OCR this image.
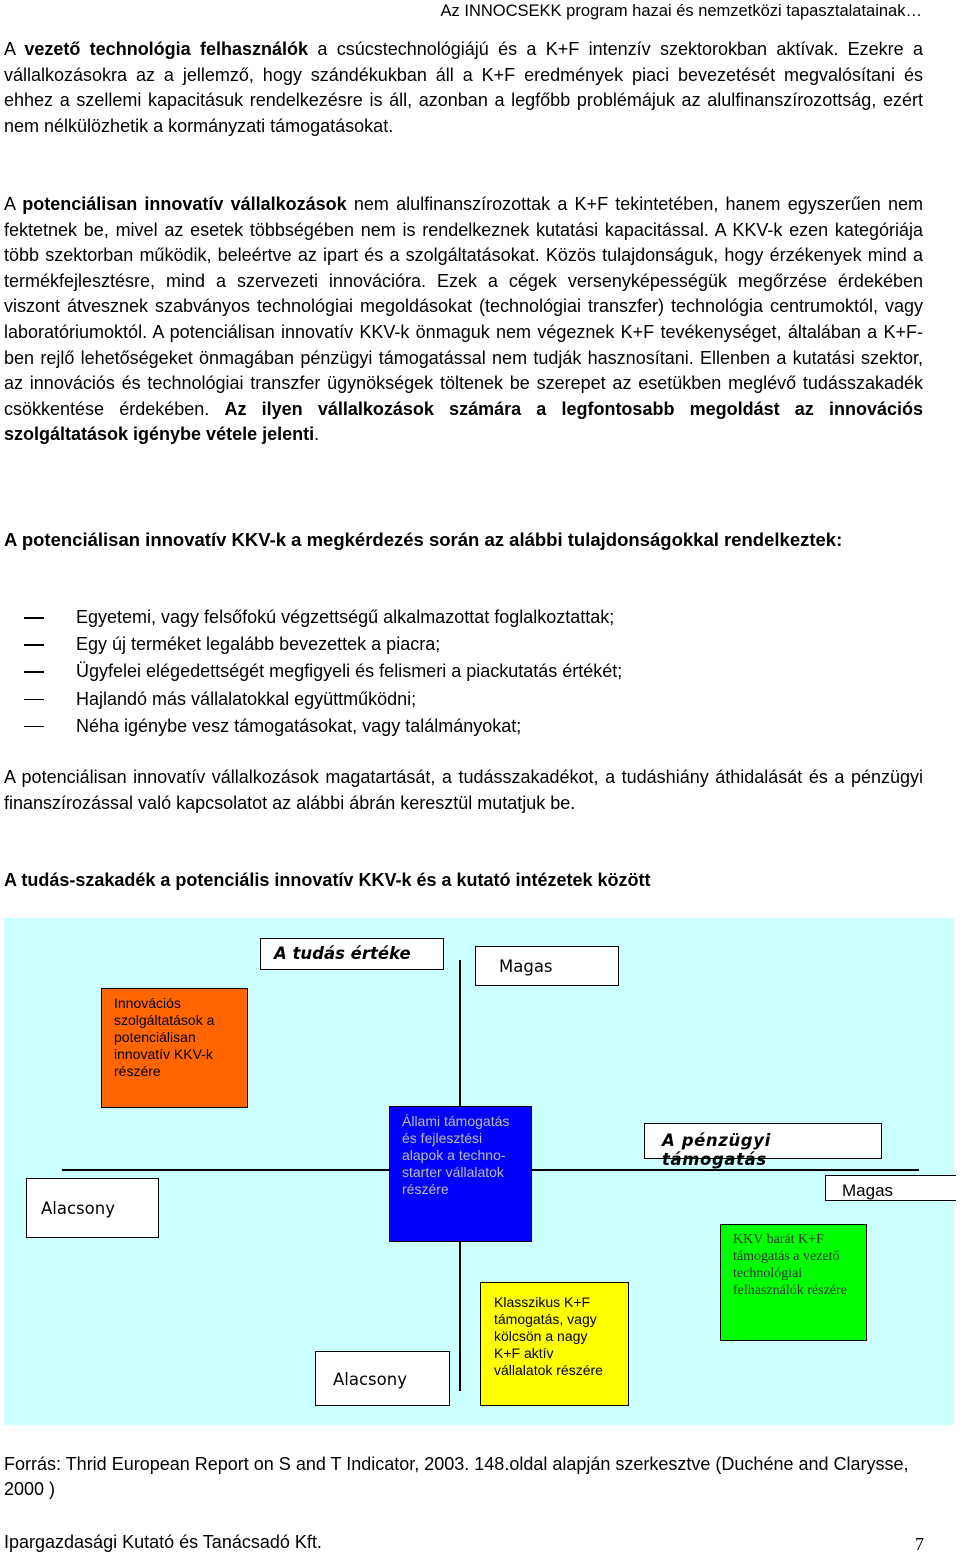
Az INNOCSEKK program hazai és nemzetközi tapasztalatainak…

A vezető technológia felhasználók a csúcstechnológiájú és a K+F intenzív szektorokban aktívak. Ezekre a vállalkozásokra az a jellemző, hogy szándékukban áll a K+F eredmények piaci bevezetését megvalósítani és ehhez a szellemi kapacitásuk rendelkezésre is áll, azonban a legfőbb problémájuk az alulfinanszírozottság, ezért nem nélkülözhetik a kormányzati támogatásokat.

A potenciálisan innovatív vállalkozások nem alulfinanszírozottak a K+F tekintetében, hanem egyszerűen nem fektetnek be, mivel az esetek többségében nem is rendelkeznek kutatási kapacitással. A KKV-k ezen kategóriája több szektorban működik, beleértve az ipart és a szolgáltatásokat. Közös tulajdonságuk, hogy érzékenyek mind a termékfejlesztésre, mind a szervezeti innovációra. Ezek a cégek versenyképességük megőrzése érdekében viszont átvesznek szabványos technológiai megoldásokat (technológiai transzfer) technológia centrumoktól, vagy laboratóriumoktól. A potenciálisan innovatív KKV-k önmaguk nem végeznek K+F tevékenységet, általában a K+F-ben rejlő lehetőségeket önmagában pénzügyi támogatással nem tudják hasznosítani. Ellenben a kutatási szektor, az innovációs és technológiai transzfer ügynökségek töltenek be szerepet az esetükben meglévő tudásszakadék csökkentése érdekében. Az ilyen vállalkozások számára a legfontosabb megoldást az innovációs szolgáltatások igénybe vétele jelenti.

A potenciálisan innovatív KKV-k a megkérdezés során az alábbi tulajdonságokkal rendelkeztek:

Egyetemi, vagy felsőfokú végzettségű alkalmazottat foglalkoztattak;
Egy új terméket legalább bevezettek a piacra;
Ügyfelei elégedettségét megfigyeli és felismeri a piackutatás értékét;
Hajlandó más vállalatokkal együttműködni;
Néha igénybe vesz támogatásokat, vagy találmányokat;

A potenciálisan innovatív vállalkozások magatartását, a tudásszakadékot, a tudáshiány áthidalását és a pénzügyi finanszírozással való kapcsolatot az alábbi ábrán keresztül mutatjuk be.

A tudás-szakadék a potenciális innovatív KKV-k és a kutató intézetek között

A tudás értéke
Magas
Innovációs szolgáltatások a potenciálisan innovatív KKV-k részére
Állami támogatás és fejlesztési alapok a techno-starter vállalatok részére
A pénzügyi támogatás
Magas
Alacsony
KKV barát K+F támogatás a vezető technológiai felhasználók részére
Klasszikus K+F támogatás, vagy kölcsön a nagy K+F aktív vállalatok részére
Alacsony
Forrás: Thrid European Report on S and T Indicator, 2003. 148.oldal alapján szerkesztve (Duchéne and Clarysse, 2000 )
Ipargazdasági Kutató és Tanácsadó Kft.	7
